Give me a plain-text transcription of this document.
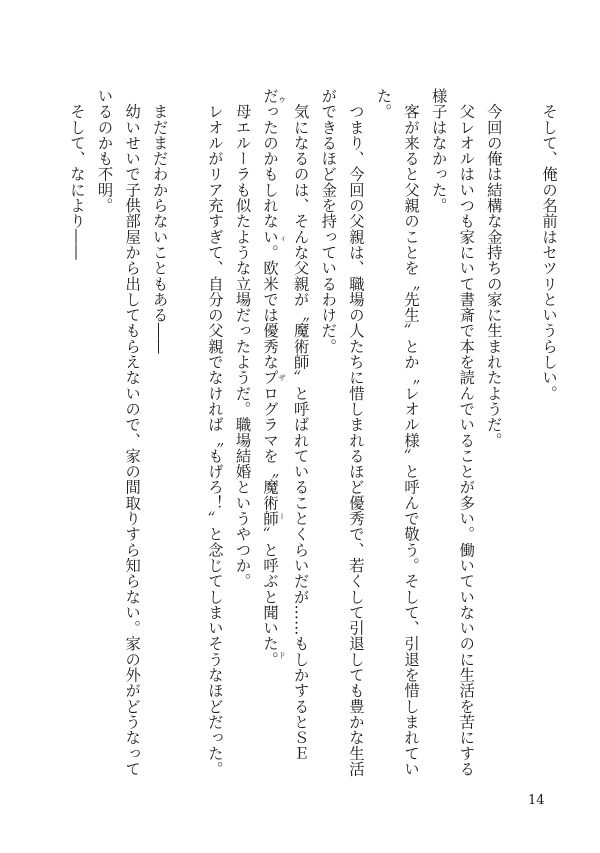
　そして、俺の名前はセツリというらしい。

　今回の俺は結構な金持ちの家に生まれたようだ。

　父レオルはいつも家にいて書斎で本を読んでいることが多い。働いていないのに生活を苦にする

様子はなかった。

　客が来ると父親のことを〝先生〟とか〝レオル様〟と呼んで敬う。そして、引退を惜しまれてい

た。

　つまり、今回の父親は、職場の人たちに惜しまれるほど優秀で、若くして引退しても豊かな生活

ができるほど金を持っているわけだ。

　気になるのは、そんな父親が〝魔術師〟と呼ばれていることくらいだが……もしかするとＳＥ

だったのかもしれない。欧米では優秀なプログラマを〝魔術師〟と呼ぶと聞いた。ウィザード

　母エルーラも似たような立場だったようだ。職場結婚というやつか。

　レオルがリア充すぎて、自分の父親でなければ〝もげろ！〟と念じてしまいそうなほどだった。

　まだまだわからないこともある――

　幼いせいで子供部屋から出してもらえないので、家の間取りすら知らない。家の外がどうなって

いるのかも不明。

　そして、なにより――

14
